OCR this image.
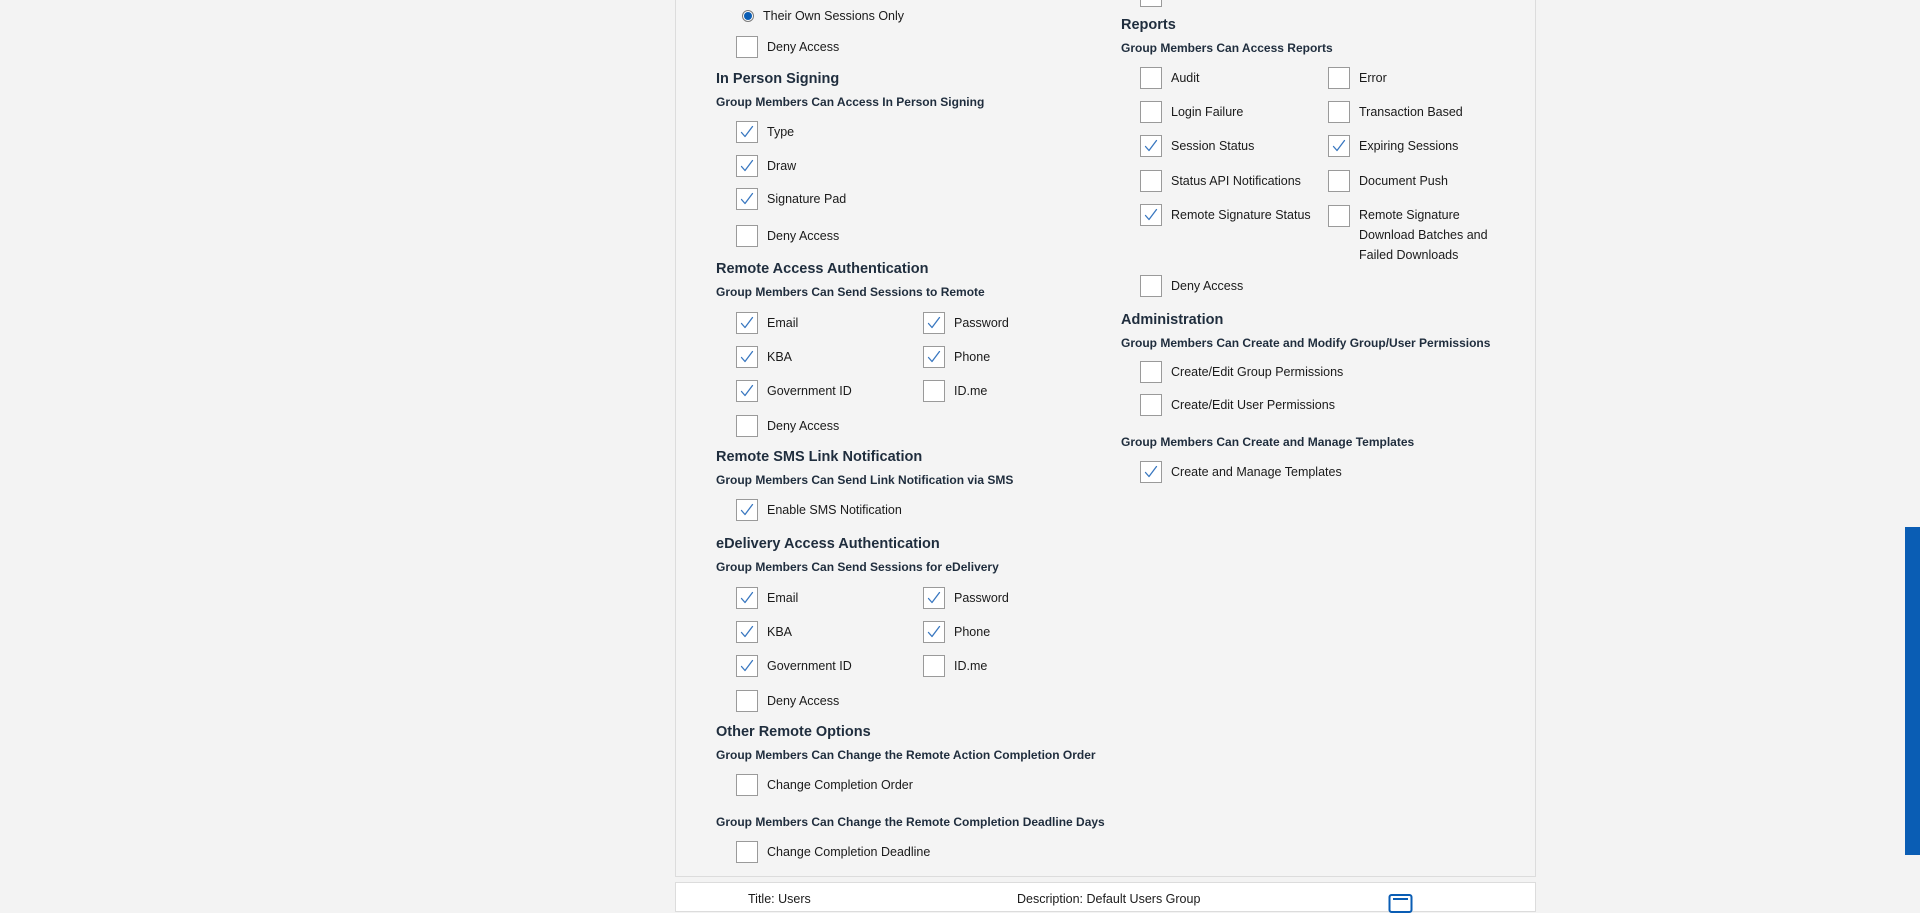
Their Own Sessions Only
Deny Access
In Person Signing
Group Members Can Access In Person Signing
Type
Draw
Signature Pad
Deny Access
Remote Access Authentication
Group Members Can Send Sessions to Remote
Email	Password
KBA	Phone
Government ID	ID.me
Deny Access
Remote SMS Link Notification
Group Members Can Send Link Notification via SMS
Enable SMS Notification
eDelivery Access Authentication
Group Members Can Send Sessions for eDelivery
Email	Password
KBA	Phone
Government ID	ID.me
Deny Access
Other Remote Options
Group Members Can Change the Remote Action Completion Order
Change Completion Order
Group Members Can Change the Remote Completion Deadline Days
Change Completion Deadline
Reports
Group Members Can Access Reports
Audit	Error
Login Failure	Transaction Based
Session Status	Expiring Sessions
Status API Notifications	Document Push
Remote Signature Status	Remote Signature Download Batches and Failed Downloads
Deny Access
Administration
Group Members Can Create and Modify Group/User Permissions
Create/Edit Group Permissions
Create/Edit User Permissions
Group Members Can Create and Manage Templates
Create and Manage Templates
Title: Users	Description: Default Users Group
